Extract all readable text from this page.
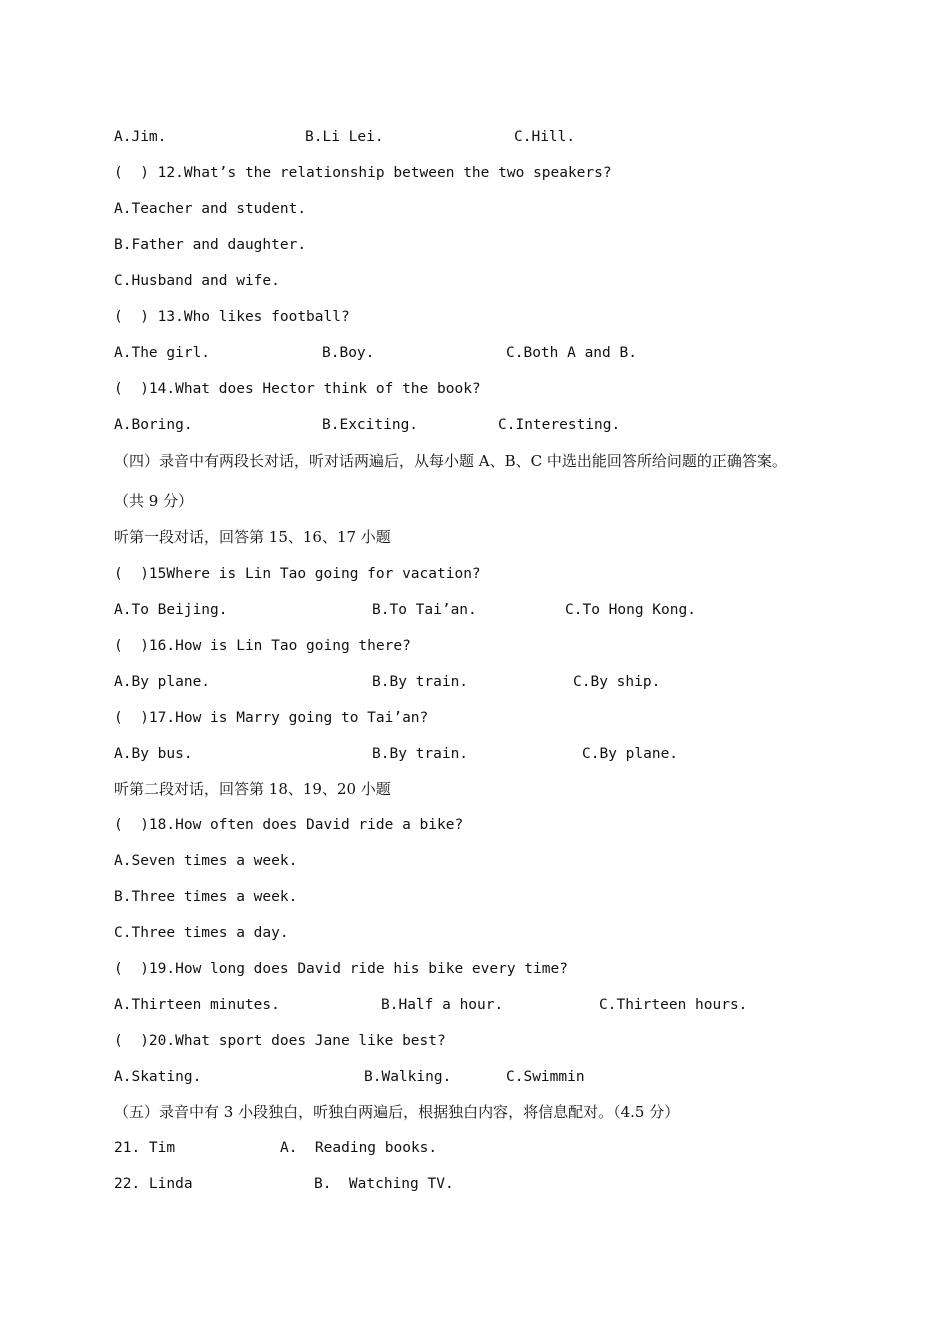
A.Jim.

	B.Li Lei.

	C.Hill.

(  ) 12.What’s the relationship between the two speakers?
A.Teacher and student.
B.Father and daughter.
C.Husband and wife.
(  ) 13.Who likes football?

A.The girl.

	B.Boy.

	C.Both A and B.

(  )14.What does Hector think of the book?

A.Boring.

	B.Exciting.

	C.Interesting.

（四）录音中有两段长对话，听对话两遍后，从每小题 A、B、C 中选出能回答所给问题的正确答案。
（共 9 分）
听第一段对话，回答第 15、16、17 小题
(  )15Where is Lin Tao going for vacation?

A.To Beijing.

	B.To Tai’an.

	C.To Hong Kong.

(  )16.How is Lin Tao going there?

A.By plane.

	B.By train.

	C.By ship.

(  )17.How is Marry going to Tai’an?

A.By bus.

	B.By train.

	C.By plane.

听第二段对话，回答第 18、19、20 小题
(  )18.How often does David ride a bike?
A.Seven times a week.
B.Three times a week.
C.Three times a day.
(  )19.How long does David ride his bike every time?

A.Thirteen minutes.

	B.Half a hour.

	C.Thirteen hours.

(  )20.What sport does Jane like best?

A.Skating.

	B.Walking.

	C.Swimmin

（五）录音中有 3 小段独白，听独白两遍后，根据独白内容，将信息配对。（4.5 分）

21. Tim

	A.  Reading books.

22. Linda

	B.  Watching TV.
